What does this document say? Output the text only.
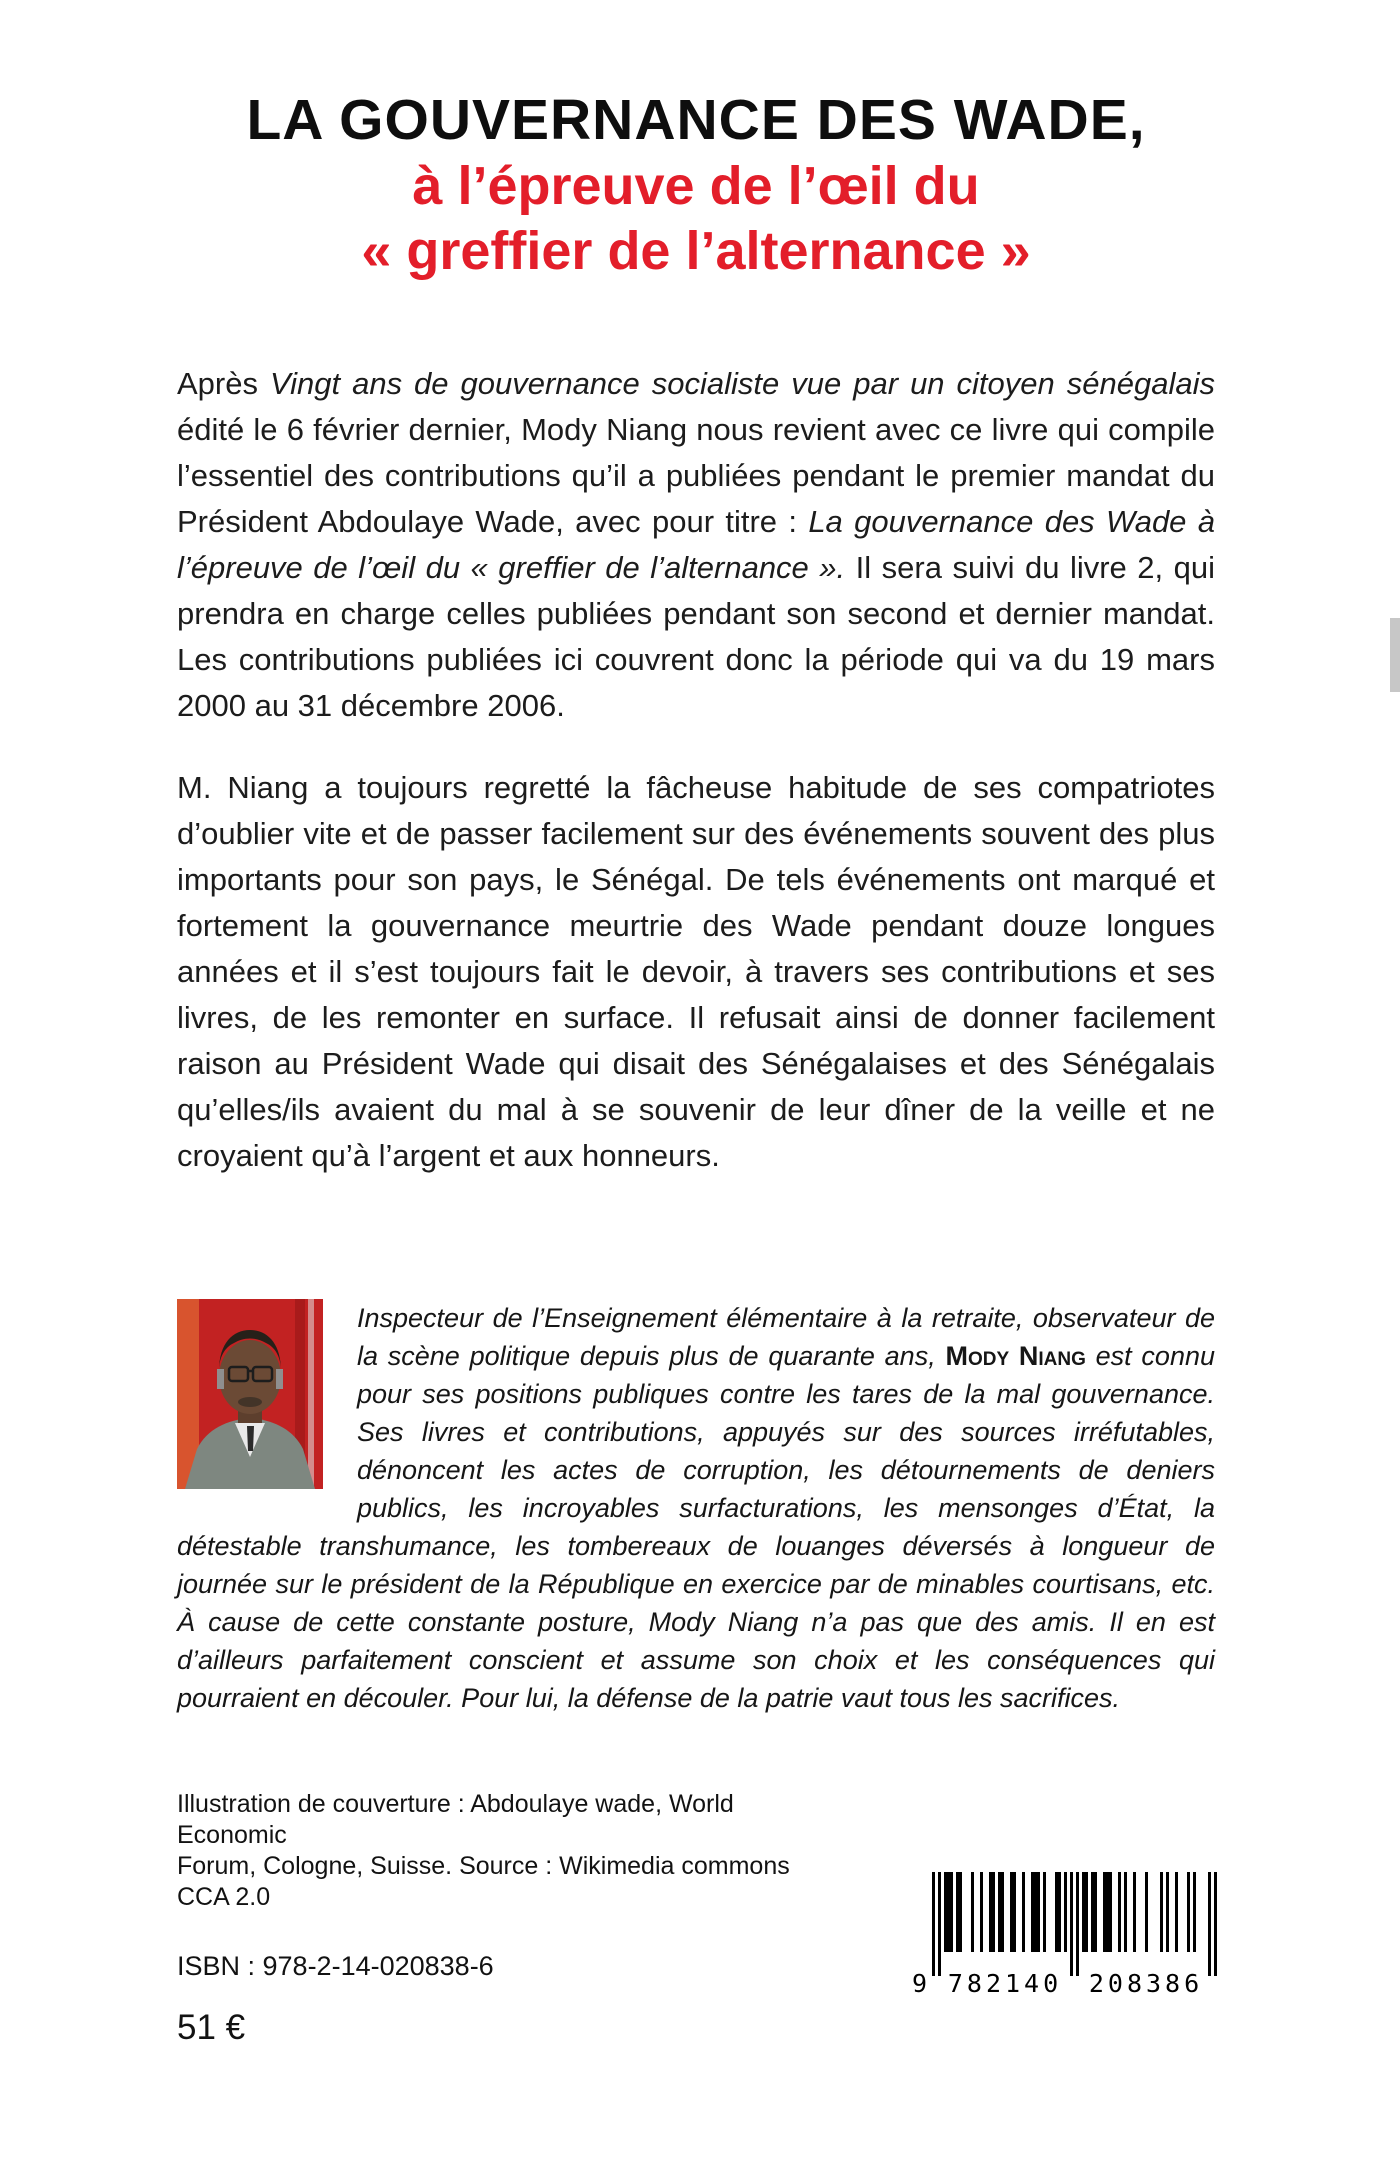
LA GOUVERNANCE DES WADE,
à l’épreuve de l’œil du
« greffier de l’alternance »

Après Vingt ans de gouvernance socialiste vue par un citoyen sénégalais édité le 6 février dernier, Mody Niang nous revient avec ce livre qui compile l’essentiel des contributions qu’il a publiées pendant le premier mandat du Président Abdoulaye Wade, avec pour titre : La gouvernance des Wade à l’épreuve de l’œil du « greffier de l’alternance ». Il sera suivi du livre 2, qui prendra en charge celles publiées pendant son second et dernier mandat. Les contributions publiées ici couvrent donc la période qui va du 19 mars 2000 au 31 décembre 2006.

M. Niang a toujours regretté la fâcheuse habitude de ses compatriotes d’oublier vite et de passer facilement sur des événements souvent des plus importants pour son pays, le Sénégal. De tels événements ont marqué et fortement la gouvernance meurtrie des Wade pendant douze longues années et il s’est toujours fait le devoir, à travers ses contributions et ses livres, de les remonter en surface. Il refusait ainsi de donner facilement raison au Président Wade qui disait des Sénégalaises et des Sénégalais qu’elles/ils avaient du mal à se souvenir de leur dîner de la veille et ne croyaient qu’à l’argent et aux honneurs.

Inspecteur de l’Enseignement élémentaire à la retraite, observateur de la scène politique depuis plus de quarante ans, Mody Niang est connu pour ses positions publiques contre les tares de la mal gouvernance. Ses livres et contributions, appuyés sur des sources irréfutables, dénoncent les actes de corruption, les détournements de deniers publics, les incroyables surfacturations, les mensonges d’État, la détestable transhumance, les tombereaux de louanges déversés à longueur de journée sur le président de la République en exercice par de minables courtisans, etc. À cause de cette constante posture, Mody Niang n’a pas que des amis. Il en est d’ailleurs parfaitement conscient et assume son choix et les conséquences qui pourraient en découler. Pour lui, la défense de la patrie vaut tous les sacrifices.

Illustration de couverture : Abdoulaye wade, World Economic
Forum, Cologne, Suisse. Source : Wikimedia commons CCA 2.0

ISBN : 978-2-14-020838-6

51 €

9 782140 208386
